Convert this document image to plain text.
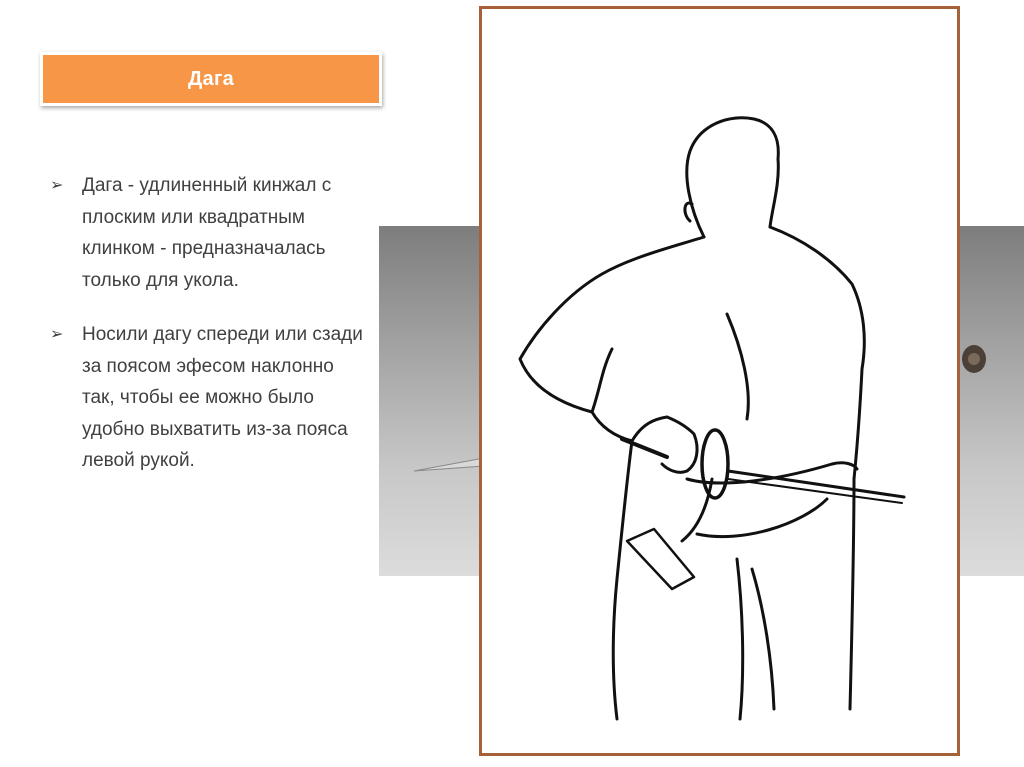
Дага
➢ Дага - удлиненный кинжал с плоским или квадратным клинком - предназначалась только для укола.
➢ Носили дагу спереди или сзади за поясом эфесом наклонно так, чтобы ее можно было удобно выхватить из-за пояса левой рукой.
